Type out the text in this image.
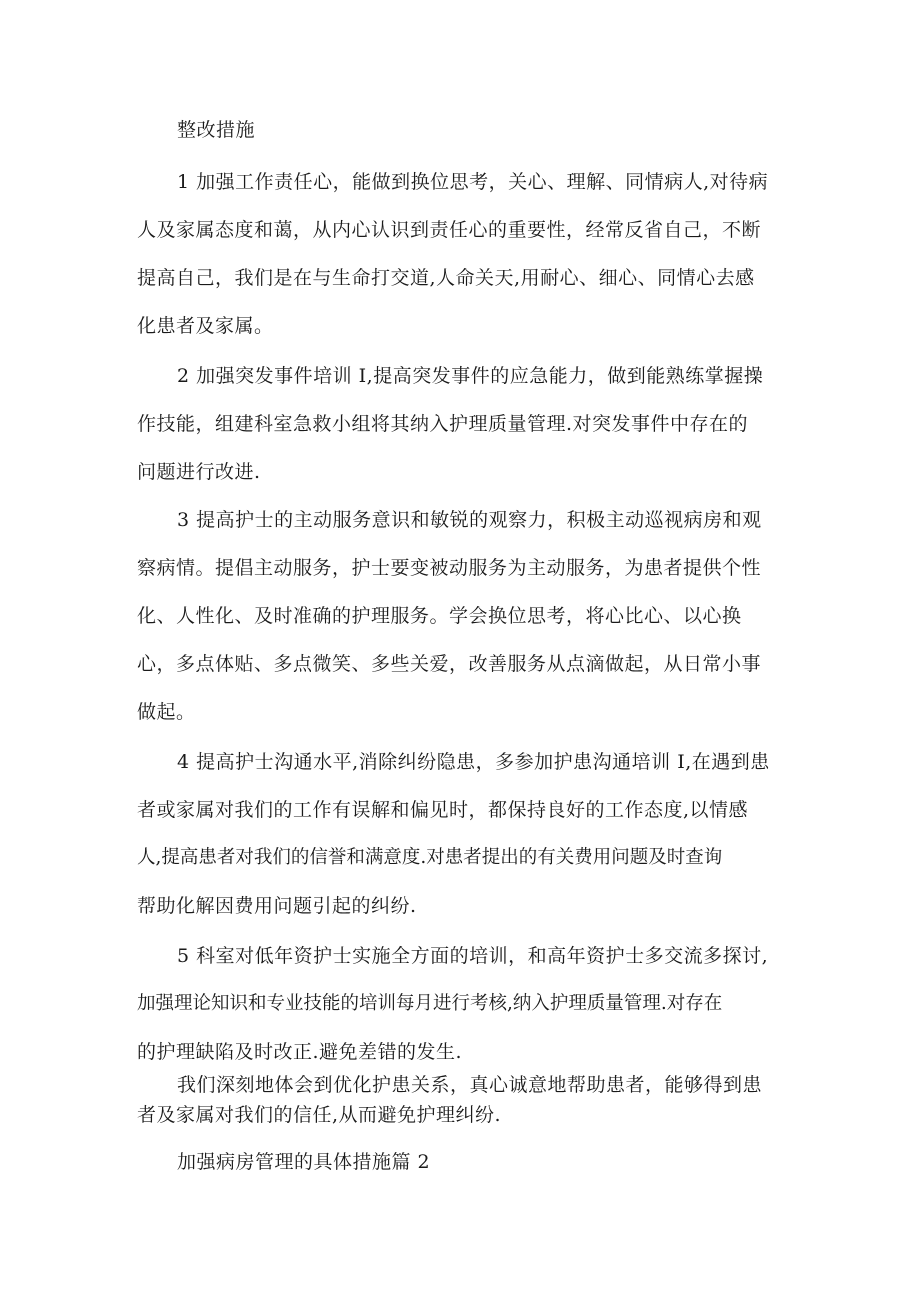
整改措施
1 加强工作责任心，能做到换位思考，关心、理解、同情病人,对待病
人及家属态度和蔼，从内心认识到责任心的重要性，经常反省自己，不断
提高自己，我们是在与生命打交道,人命关天,用耐心、细心、同情心去感
化患者及家属。
2 加强突发事件培训 I,提高突发事件的应急能力，做到能熟练掌握操
作技能，组建科室急救小组将其纳入护理质量管理.对突发事件中存在的
问题进行改进.
3 提高护士的主动服务意识和敏锐的观察力，积极主动巡视病房和观
察病情。提倡主动服务，护士要变被动服务为主动服务，为患者提供个性
化、人性化、及时准确的护理服务。学会换位思考，将心比心、以心换
心，多点体贴、多点微笑、多些关爱，改善服务从点滴做起，从日常小事
做起。
4 提高护士沟通水平,消除纠纷隐患，多参加护患沟通培训 I,在遇到患
者或家属对我们的工作有误解和偏见时，都保持良好的工作态度,以情感
人,提高患者对我们的信誉和满意度.对患者提出的有关费用问题及时查询
帮助化解因费用问题引起的纠纷.
5 科室对低年资护士实施全方面的培训，和高年资护士多交流多探讨,
加强理论知识和专业技能的培训每月进行考核,纳入护理质量管理.对存在
的护理缺陷及时改正.避免差错的发生.
我们深刻地体会到优化护患关系，真心诚意地帮助患者，能够得到患
者及家属对我们的信任,从而避免护理纠纷.
加强病房管理的具体措施篇 2
